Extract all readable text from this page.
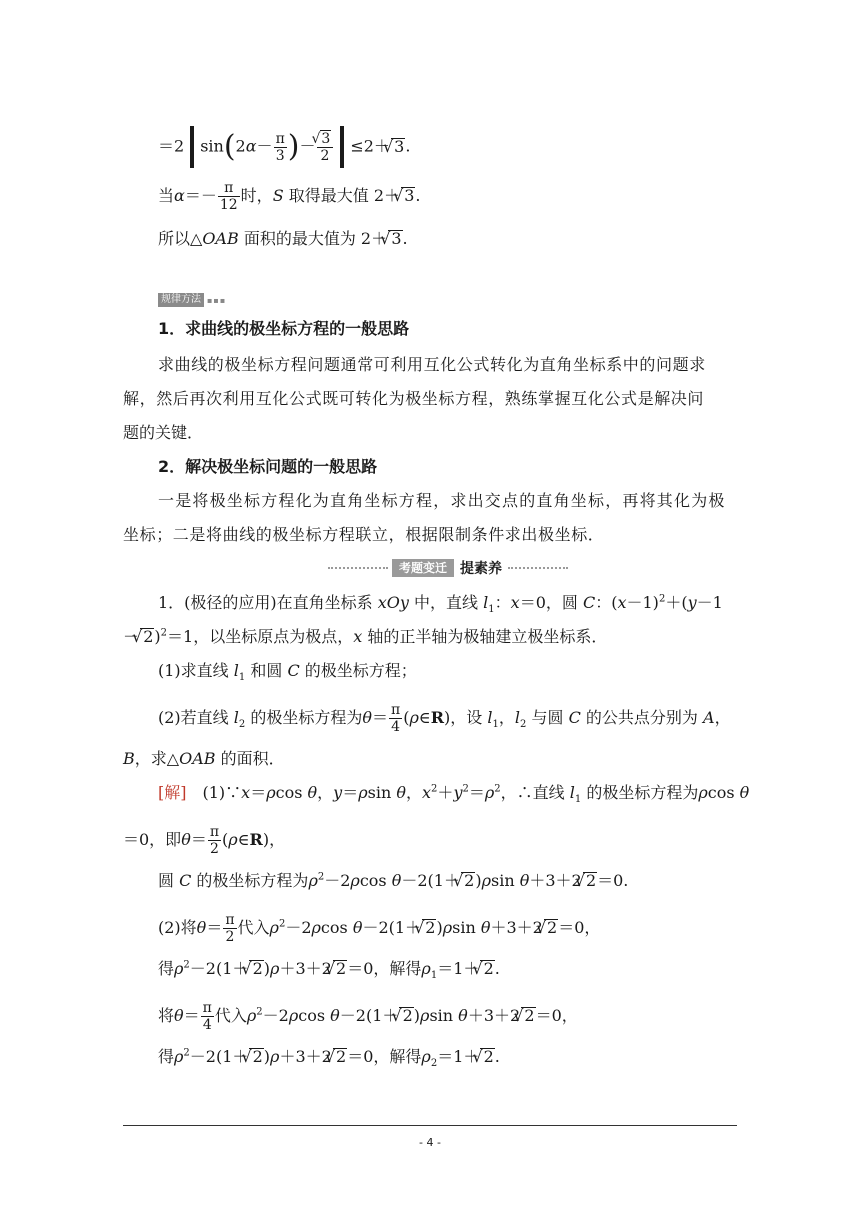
＝2 $\sin(2\alpha- \frac{\pi}{3}$ )－
√ $\frac{3}{2} \le 2+√$ 3.
当$\alpha=- \frac{\pi}{12}$ 时，S 取得最大值 2＋√ 3.
所以△OAB 面积的最大值为 2＋√ 3.
规律方法 ▪▪▪
1．求曲线的极坐标方程的一般思路
求曲线的极坐标方程问题通常可利用互化公式转化为直角坐标系中的问题求
解，然后再次利用互化公式既可转化为极坐标方程，熟练掌握互化公式是解决问
题的关键．
2．解决极坐标问题的一般思路
一是将极坐标方程化为直角坐标方程，求出交点的直角坐标，再将其化为极
坐标；二是将曲线的极坐标方程联立，根据限制条件求出极坐标．
考题变迁 提素养
1．(极径的应用)在直角坐标系 xOy 中，直线 $l_1$：x＝0，圆 C：$(x-1)^2+(y-1$
－√ 2)$^2$＝1，以坐标原点为极点，x 轴的正半轴为极轴建立极坐标系．
(1)求直线 $l_1$ 和圆 C 的极坐标方程；
(2)若直线 $l_2$ 的极坐标方程为$\theta= \frac{\pi}{4}$ (ρ∈R)，设 $l_1$，$l_2$ 与圆 C 的公共点分别为 A，
B，求△OAB 的面积．
[解]　(1)∵x＝ρcos θ，y＝ρsin θ，$x^2+y^2=\rho^2$，∴直线 $l_1$ 的极坐标方程为ρcos θ
＝0，即$\theta= \frac{\pi}{2}$ (ρ∈R)，
圆 C 的极坐标方程为$\rho^2-2\rho\cos$ θ－2(1＋√ 2)ρsin θ＋3＋2√ 2＝0.
(2)将$\theta= \frac{\pi}{2}$ 代入$\rho^2-2\rho\cos$ θ－2(1＋√ 2)ρsin θ＋3＋2√ 2＝0，
得$\rho^2-2(1+√$ 2)ρ＋3＋2√ 2＝0，解得$\rho_1=1+√$ 2.
将$\theta= \frac{\pi}{4}$ 代入$\rho^2-2\rho\cos$ θ－2(1＋√ 2)ρsin θ＋3＋2√ 2＝0，
得$\rho^2-2(1+√$ 2)ρ＋3＋2√ 2＝0，解得$\rho_2=1+√$ 2.
- 4 -
